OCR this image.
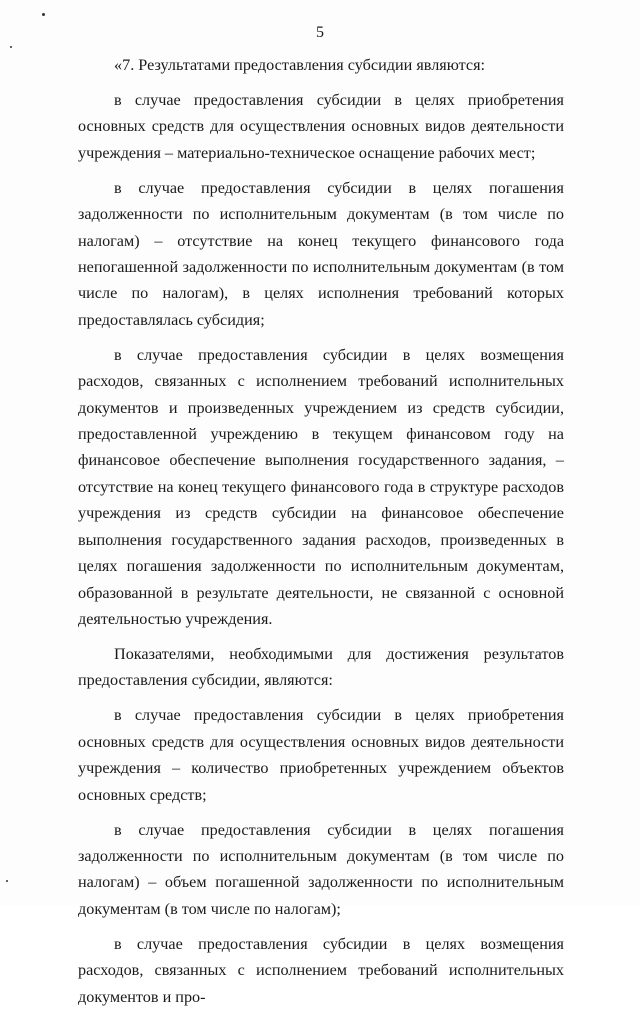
5

«7. Результатами предоставления субсидии являются:

в случае предоставления субсидии в целях приобретения основных средств для осуществления основных видов деятельности учреждения – материально-техническое оснащение рабочих мест;

в случае предоставления субсидии в целях погашения задолженности по исполнительным документам (в том числе по налогам) – отсутствие на конец текущего финансового года непогашенной задолженности по исполнительным документам (в том числе по налогам), в целях исполнения требований которых предоставлялась субсидия;

в случае предоставления субсидии в целях возмещения расходов, связанных с исполнением требований исполнительных документов и произведенных учреждением из средств субсидии, предоставленной учреждению в текущем финансовом году на финансовое обеспечение выполнения государственного задания, – отсутствие на конец текущего финансового года в структуре расходов учреждения из средств субсидии на финансовое обеспечение выполнения государственного задания расходов, произведенных в целях погашения задолженности по исполнительным документам, образованной в результате деятельности, не связанной с основной деятельностью учреждения.

Показателями, необходимыми для достижения результатов предоставления субсидии, являются:

в случае предоставления субсидии в целях приобретения основных средств для осуществления основных видов деятельности учреждения – количество приобретенных учреждением объектов основных средств;

в случае предоставления субсидии в целях погашения задолженности по исполнительным документам (в том числе по налогам) – объем погашенной задолженности по исполнительным документам (в том числе по налогам);

в случае предоставления субсидии в целях возмещения расходов, связанных с исполнением требований исполнительных документов и про-
